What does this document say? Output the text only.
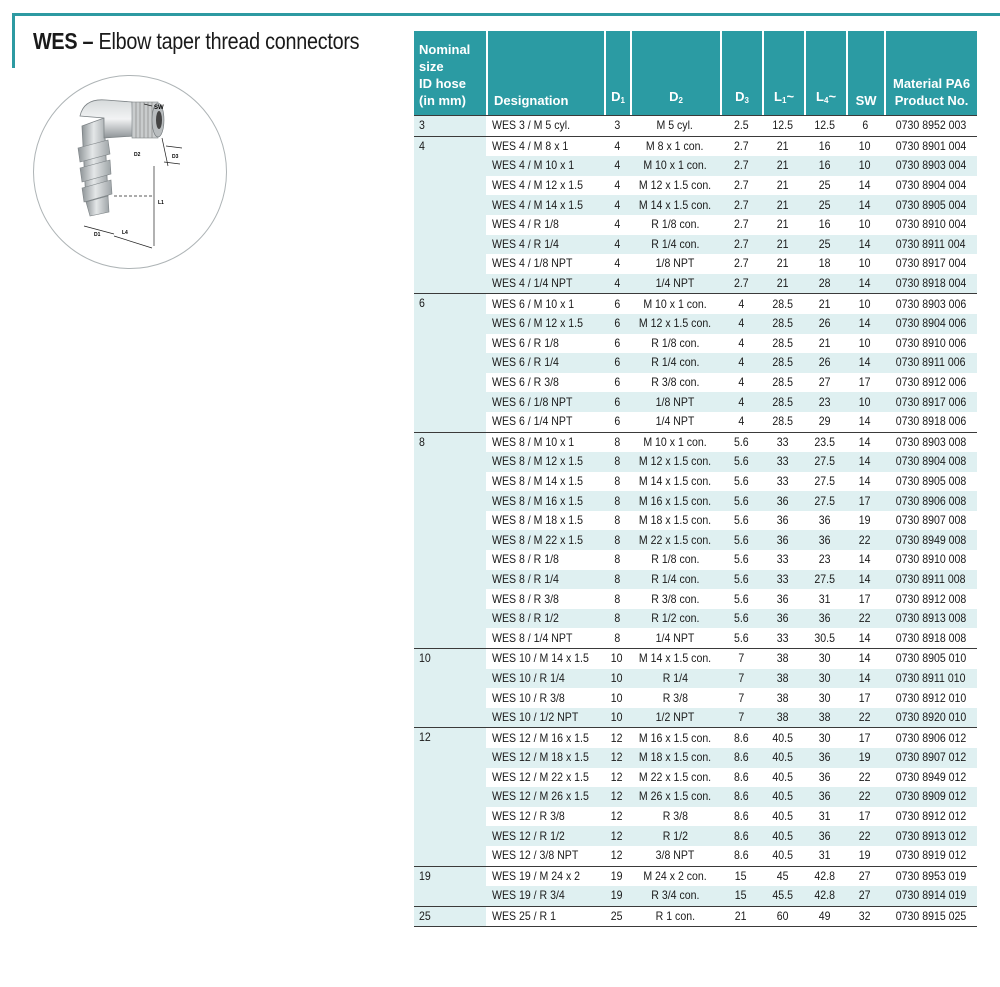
WES – Elbow taper thread connectors
SW
D2	D3
L1
L4
D1
Nominal
size
ID hose
(in mm)	Designation	$D_1$	$D_2$	$D_3$	$L_1\sim$	$L_4\sim$	SW	Material PA6
Product No.
3	WES 3 / M 5 cyl.	3	M 5 cyl.	2.5	12.5	12.5	6	0730 8952 003
4	WES 4 / M 8 x 1	4	M 8 x 1 con.	2.7	21	16	10	0730 8901 004
	WES 4 / M 10 x 1	4	M 10 x 1 con.	2.7	21	16	10	0730 8903 004
	WES 4 / M 12 x 1.5	4	M 12 x 1.5 con.	2.7	21	25	14	0730 8904 004
	WES 4 / M 14 x 1.5	4	M 14 x 1.5 con.	2.7	21	25	14	0730 8905 004
	WES 4 / R 1/8	4	R 1/8 con.	2.7	21	16	10	0730 8910 004
	WES 4 / R 1/4	4	R 1/4 con.	2.7	21	25	14	0730 8911 004
	WES 4 / 1/8 NPT	4	1/8 NPT	2.7	21	18	10	0730 8917 004
	WES 4 / 1/4 NPT	4	1/4 NPT	2.7	21	28	14	0730 8918 004
6	WES 6 / M 10 x 1	6	M 10 x 1 con.	4	28.5	21	10	0730 8903 006
	WES 6 / M 12 x 1.5	6	M 12 x 1.5 con.	4	28.5	26	14	0730 8904 006
	WES 6 / R 1/8	6	R 1/8 con.	4	28.5	21	10	0730 8910 006
	WES 6 / R 1/4	6	R 1/4 con.	4	28.5	26	14	0730 8911 006
	WES 6 / R 3/8	6	R 3/8 con.	4	28.5	27	17	0730 8912 006
	WES 6 / 1/8 NPT	6	1/8 NPT	4	28.5	23	10	0730 8917 006
	WES 6 / 1/4 NPT	6	1/4 NPT	4	28.5	29	14	0730 8918 006
8	WES 8 / M 10 x 1	8	M 10 x 1 con.	5.6	33	23.5	14	0730 8903 008
	WES 8 / M 12 x 1.5	8	M 12 x 1.5 con.	5.6	33	27.5	14	0730 8904 008
	WES 8 / M 14 x 1.5	8	M 14 x 1.5 con.	5.6	33	27.5	14	0730 8905 008
	WES 8 / M 16 x 1.5	8	M 16 x 1.5 con.	5.6	36	27.5	17	0730 8906 008
	WES 8 / M 18 x 1.5	8	M 18 x 1.5 con.	5.6	36	36	19	0730 8907 008
	WES 8 / M 22 x 1.5	8	M 22 x 1.5 con.	5.6	36	36	22	0730 8949 008
	WES 8 / R 1/8	8	R 1/8 con.	5.6	33	23	14	0730 8910 008
	WES 8 / R 1/4	8	R 1/4 con.	5.6	33	27.5	14	0730 8911 008
	WES 8 / R 3/8	8	R 3/8 con.	5.6	36	31	17	0730 8912 008
	WES 8 / R 1/2	8	R 1/2 con.	5.6	36	36	22	0730 8913 008
	WES 8 / 1/4 NPT	8	1/4 NPT	5.6	33	30.5	14	0730 8918 008
10	WES 10 / M 14 x 1.5	10	M 14 x 1.5 con.	7	38	30	14	0730 8905 010
	WES 10 / R 1/4	10	R 1/4	7	38	30	14	0730 8911 010
	WES 10 / R 3/8	10	R 3/8	7	38	30	17	0730 8912 010
	WES 10 / 1/2 NPT	10	1/2 NPT	7	38	38	22	0730 8920 010
12	WES 12 / M 16 x 1.5	12	M 16 x 1.5 con.	8.6	40.5	30	17	0730 8906 012
	WES 12 / M 18 x 1.5	12	M 18 x 1.5 con.	8.6	40.5	36	19	0730 8907 012
	WES 12 / M 22 x 1.5	12	M 22 x 1.5 con.	8.6	40.5	36	22	0730 8949 012
	WES 12 / M 26 x 1.5	12	M 26 x 1.5 con.	8.6	40.5	36	22	0730 8909 012
	WES 12 / R 3/8	12	R 3/8	8.6	40.5	31	17	0730 8912 012
	WES 12 / R 1/2	12	R 1/2	8.6	40.5	36	22	0730 8913 012
	WES 12 / 3/8 NPT	12	3/8 NPT	8.6	40.5	31	19	0730 8919 012
19	WES 19 / M 24 x 2	19	M 24 x 2 con.	15	45	42.8	27	0730 8953 019
	WES 19 / R 3/4	19	R 3/4 con.	15	45.5	42.8	27	0730 8914 019
25	WES 25 / R 1	25	R 1 con.	21	60	49	32	0730 8915 025
